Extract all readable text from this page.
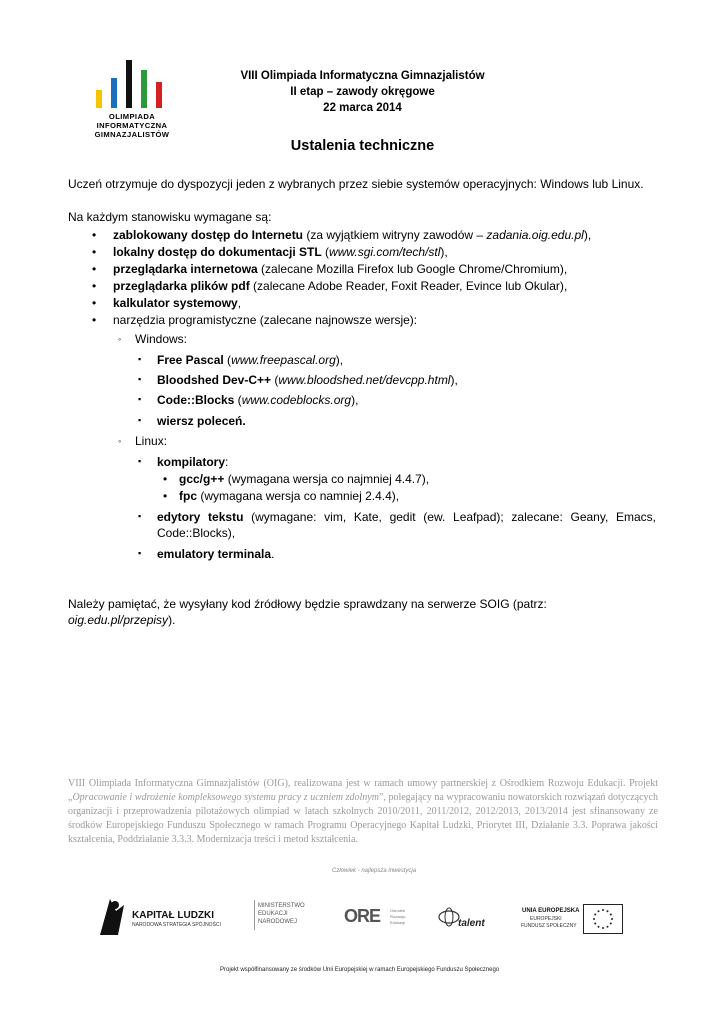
OLIMPIADA
INFORMATYCZNA
GIMNAZJALISTÓW
VIII Olimpiada Informatyczna Gimnazjalistów
II etap – zawody okręgowe
22 marca 2014
Ustalenia techniczne
Uczeń otrzymuje do dyspozycji jeden z wybranych przez siebie systemów operacyjnych: Windows lub Linux.
Na każdym stanowisku wymagane są:
• zablokowany dostęp do Internetu (za wyjątkiem witryny zawodów – zadania.oig.edu.pl),
• lokalny dostęp do dokumentacji STL (www.sgi.com/tech/stl),
• przeglądarka internetowa (zalecane Mozilla Firefox lub Google Chrome/Chromium),
• przeglądarka plików pdf (zalecane Adobe Reader, Foxit Reader, Evince lub Okular),
• kalkulator systemowy,
• narzędzia programistyczne (zalecane najnowsze wersje):
◦ Windows:
▪ Free Pascal (www.freepascal.org),
▪ Bloodshed Dev-C++ (www.bloodshed.net/devcpp.html),
▪ Code::Blocks (www.codeblocks.org),
▪ wiersz poleceń.
◦ Linux:
▪ kompilatory:
• gcc/g++ (wymagana wersja co najmniej 4.4.7),
• fpc (wymagana wersja co namniej 2.4.4),
▪ edytory tekstu (wymagane: vim, Kate, gedit (ew. Leafpad); zalecane: Geany, Emacs,
Code::Blocks),
▪ emulatory terminala.
Należy pamiętać, że wysyłany kod źródłowy będzie sprawdzany na serwerze SOIG (patrz:
oig.edu.pl/przepisy).
VIII Olimpiada Informatyczna Gimnazjalistów (OIG), realizowana jest w ramach umowy partnerskiej z Ośrodkiem Rozwoju Edukacji. Projekt „Opracowanie i wdrożenie kompleksowego systemu pracy z uczniem zdolnym”, polegający na wypracowaniu nowatorskich rozwiązań dotyczących organizacji i przeprowadzenia pilotażowych olimpiad w latach szkolnych 2010/2011, 2011/2012, 2012/2013, 2013/2014 jest sfinansowany ze środków Europejskiego Funduszu Społecznego w ramach Programu Operacyjnego Kapitał Ludzki, Priorytet III, Działanie 3.3. Poprawa jakości kształcenia, Poddziałanie 3.3.3. Modernizacja treści i metod kształcenia.
Człowiek - najlepsza inwestycja
KAPITAŁ LUDZKI
NARODOWA STRATEGIA SPÓJNOŚCI
MINISTERSTWO
EDUKACJI
NARODOWEJ	ORE Ośrodek
Rozwoju
Edukacji	talent
UNIA EUROPEJSKA
EUROPEJSKI
FUNDUSZ SPOŁECZNY
Projekt współfinansowany ze środków Unii Europejskiej w ramach Europejskiego Funduszu Społecznego
